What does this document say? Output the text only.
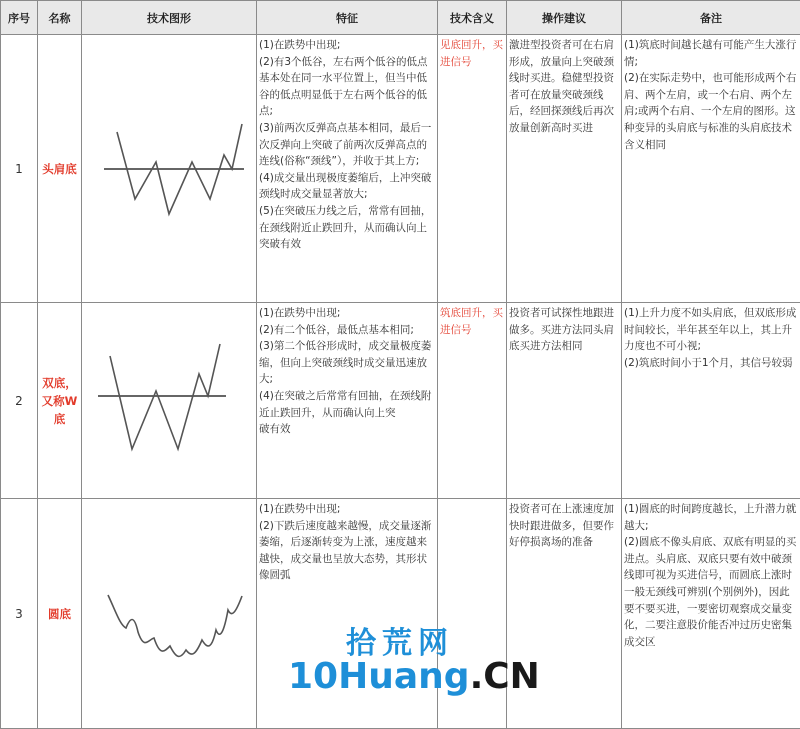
序号	名称	技术图形	特征	技术含义	操作建议	备注
1	头肩底		(1)在跌势中出现;
(2)有3个低谷，左右两个低谷的低点基本处在同一水平位置上，但当中低谷的低点明显低于左右两个低谷的低点;
(3)前两次反弹高点基本相同，最后一次反弹向上突破了前两次反弹高点的连线(俗称“颈线”），并收于其上方;
(4)成交量出现极度萎缩后，上冲突破颈线时成交量显著放大;
(5)在突破压力线之后，常常有回抽，在颈线附近止跌回升，从而确认向上突破有效	见底回升，买进信号	激进型投资者可在右肩形成，放量向上突破颈线时买进。稳健型投资者可在放量突破颈线后，经回探颈线后再次放量创新高时买进	(1)筑底时间越长越有可能产生大涨行情;
(2)在实际走势中，也可能形成两个右肩、两个左肩，或一个右肩、两个左肩;或两个右肩、一个左肩的图形。这种变异的头肩底与标准的头肩底技术含义相同

2	双底，又称W底		(1)在跌势中出现;
(2)有二个低谷，最低点基本相同;
(3)第二个低谷形成时，成交量极度萎缩，但向上突破颈线时成交量迅速放大;
(4)在突破之后常常有回抽，在颈线附近止跌回升，从而确认向上突
破有效	筑底回升，买进信号	投资者可试探性地跟进做多。买进方法同头肩底买进方法相同	(1)上升力度不如头肩底，但双底形成时间较长，半年甚至年以上，其上升力度也不可小视;
(2)筑底时间小于1个月，其信号较弱

3	圆底		(1)在跌势中出现;
(2)下跌后速度越来越慢，成交量逐渐萎缩，后逐渐转变为上涨，速度越来越快，成交量也呈放大态势，其形状像圆弧		投资者可在上涨速度加快时跟进做多，但要作好停损离场的准备	(1)圆底的时间跨度越长，上升潜力就越大;
(2)圆底不像头肩底、双底有明显的买进点。头肩底、双底只要有效中破颈线即可视为买进信号，而圆底上涨时一般无颈线可辨别(个别例外)，因此要不要买进，一要密切观察成交量变化，二要注意股价能否冲过历史密集成交区
拾荒网
10Huang.CN
